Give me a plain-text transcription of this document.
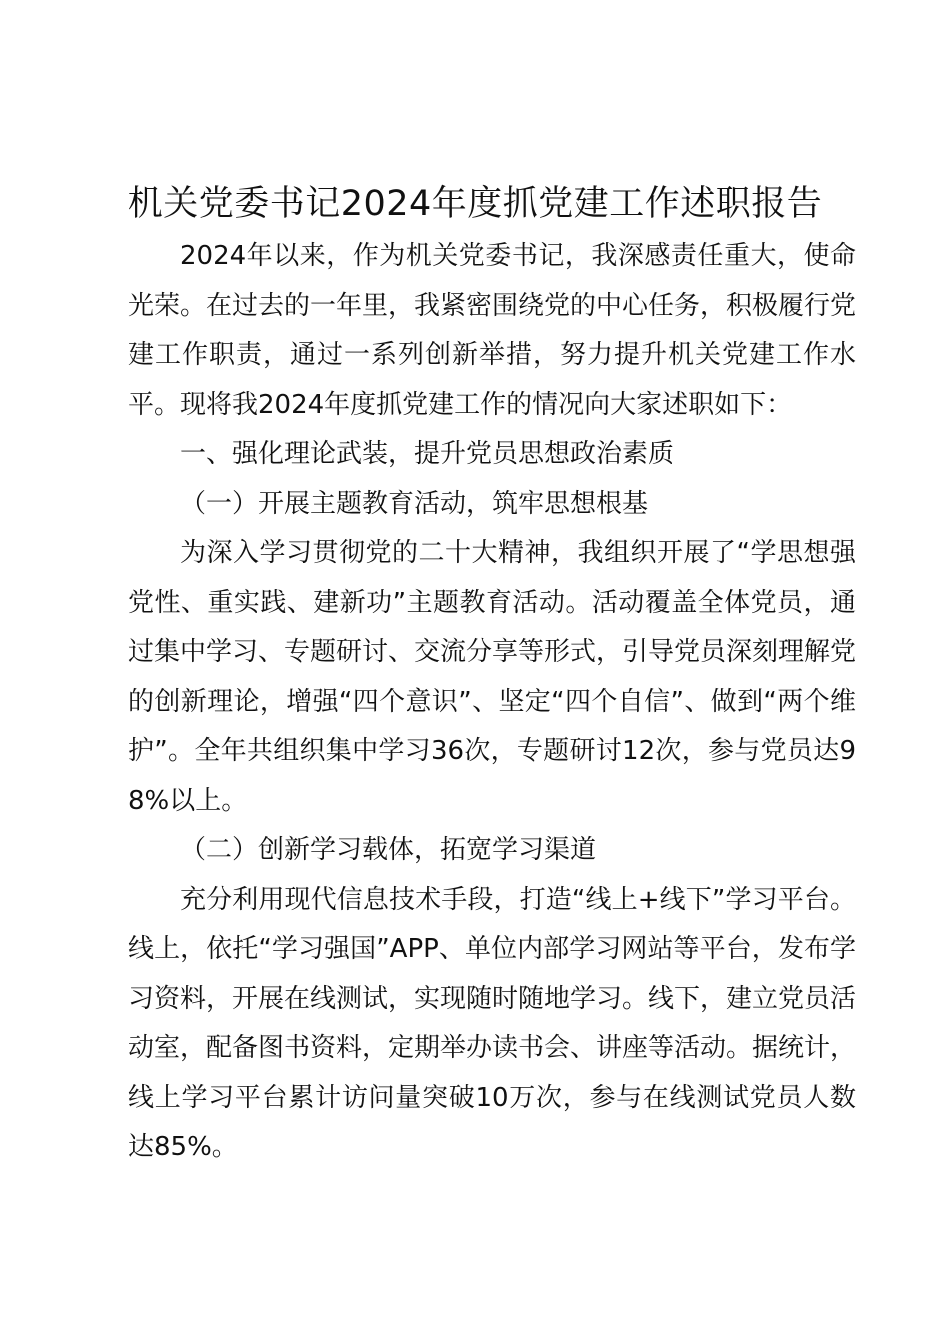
机关党委书记2024年度抓党建工作述职报告

2024年以来，作为机关党委书记，我深感责任重大，使命光荣。在过去的一年里，我紧密围绕党的中心任务，积极履行党建工作职责，通过一系列创新举措，努力提升机关党建工作水平。现将我2024年度抓党建工作的情况向大家述职如下：

一、强化理论武装，提升党员思想政治素质

（一）开展主题教育活动，筑牢思想根基

为深入学习贯彻党的二十大精神，我组织开展了“学思想强党性、重实践、建新功”主题教育活动。活动覆盖全体党员，通过集中学习、专题研讨、交流分享等形式，引导党员深刻理解党的创新理论，增强“四个意识”、坚定“四个自信”、做到“两个维护”。全年共组织集中学习36次，专题研讨12次，参与党员达98%以上。

（二）创新学习载体，拓宽学习渠道

充分利用现代信息技术手段，打造“线上+线下”学习平台。线上，依托“学习强国”APP、单位内部学习网站等平台，发布学习资料，开展在线测试，实现随时随地学习。线下，建立党员活动室，配备图书资料，定期举办读书会、讲座等活动。据统计，线上学习平台累计访问量突破10万次，参与在线测试党员人数达85%。
